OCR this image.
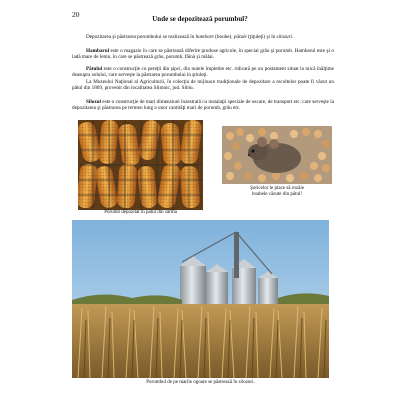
20	Unde se depozitează porumbul?

Depozitarea şi păstrarea porumbului se realizează în hambare (bouhe), pătule (ţiţuleţi) şi în silozuri.

Hambarul este o magazie în care se păstrează diferite produse agricole, în special grâu şi porumb. Hambarul este şi o ladă mare de lemn, în care se păstrează grâu, porumb, făină şi mălai.

Pătulul este o construcţie cu pereţii din şipci, din nuiele împletite etc. ridicată pe un postament situat la mică înălţime deasupra solului, care serveşte la păstrarea porumbului în ştiuleţi.

La Muzeului Naţional al Agriculturii, în colecţia de mijloace tradiţionale de depozitare a recoltelor poate fi văzut un pătul din 1869, provenit din localitatea Slimnic, jud. Sibiu.

Silozul este o construcţie de mari dimensiuni înzestrată cu instalaţii speciale de uscare, de transport etc. care serveşte la depozitarea şi păstrarea pe termen lung a unor cantităţi mari de porumb, grâu etc.

Porumb depozitat în pătul din sârmă

Şoricelor le place să rozăie
boabele căzute din pătul!

Porumbul de pe marile ogoare se păstrează în silozuri.
